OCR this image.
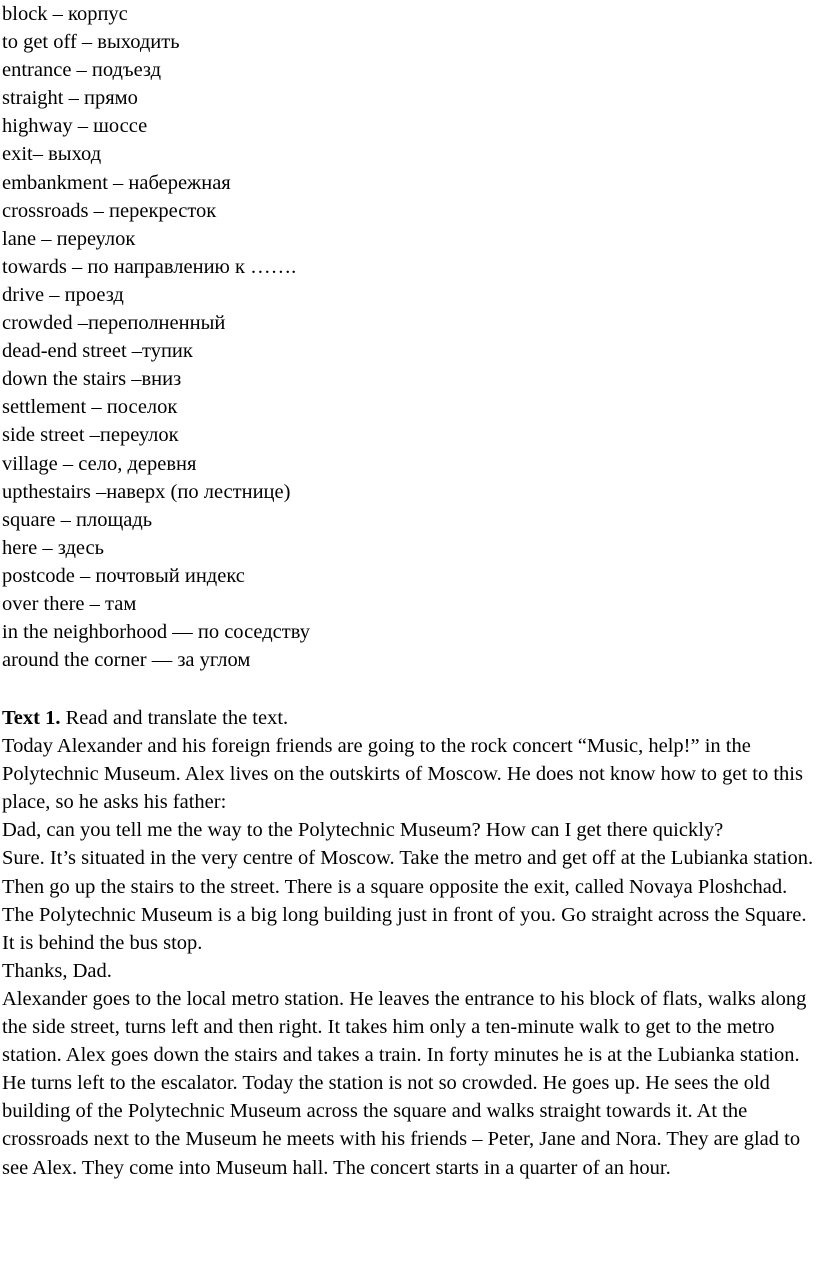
block – корпус
to get off – выходить
entrance – подъезд
straight – прямо
highway – шоссе
exit– выход
embankment – набережная
crossroads – перекресток
lane – переулок
towards – по направлению к …….
drive – проезд
crowded –переполненный
dead-end street –тупик
down the stairs –вниз
settlement – поселок
side street –переулок
village – село, деревня
upthestairs –наверх (по лестнице)
square – площадь
here – здесь
postcode – почтовый индекс
over there – там
in the neighborhood — по соседству
around the corner — за углом

Text 1. Read and translate the text.

Today Alexander and his foreign friends are going to the rock concert “Music, help!” in the Polytechnic Museum. Alex lives on the outskirts of Moscow. He does not know how to get to this place, so he asks his father:

Dad, can you tell me the way to the Polytechnic Museum? How can I get there quickly?

Sure. It’s situated in the very centre of Moscow. Take the metro and get off at the Lubianka station. Then go up the stairs to the street. There is a square opposite the exit, called Novaya Ploshchad. The Polytechnic Museum is a big long building just in front of you. Go straight across the Square. It is behind the bus stop.

Thanks, Dad.

Alexander goes to the local metro station. He leaves the entrance to his block of flats, walks along the side street, turns left and then right. It takes him only a ten-minute walk to get to the metro station. Alex goes down the stairs and takes a train. In forty minutes he is at the Lubianka station. He turns left to the escalator. Today the station is not so crowded. He goes up. He sees the old building of the Polytechnic Museum across the square and walks straight towards it. At the crossroads next to the Museum he meets with his friends – Peter, Jane and Nora. They are glad to see Alex. They come into Museum hall. The concert starts in a quarter of an hour.
